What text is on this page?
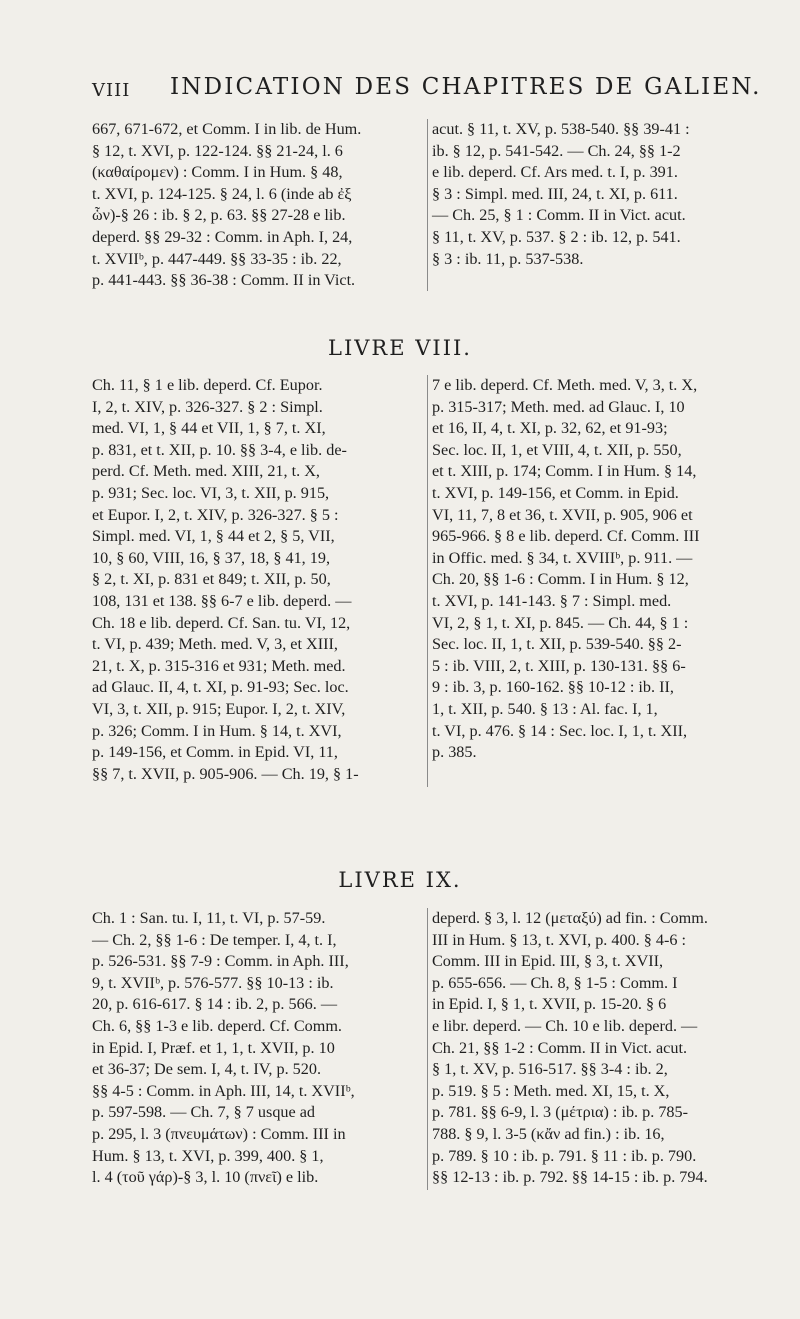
VIII INDICATION DES CHAPITRES DE GALIEN.
667, 671-672, et Comm. I in lib. de Hum.
§ 12, t. XVI, p. 122-124. §§ 21-24, l. 6
(καθαίρομεν) : Comm. I in Hum. § 48,
t. XVI, p. 124-125. § 24, l. 6 (inde ab ἐξ
ὧν)-§ 26 : ib. § 2, p. 63. §§ 27-28 e lib.
deperd. §§ 29-32 : Comm. in Aph. I, 24,
t. XVIIᵇ, p. 447-449. §§ 33-35 : ib. 22,
p. 441-443. §§ 36-38 : Comm. II in Vict.
acut. § 11, t. XV, p. 538-540. §§ 39-41 :
ib. § 12, p. 541-542. — Ch. 24, §§ 1-2
e lib. deperd. Cf. Ars med. t. I, p. 391.
§ 3 : Simpl. med. III, 24, t. XI, p. 611.
— Ch. 25, § 1 : Comm. II in Vict. acut.
§ 11, t. XV, p. 537. § 2 : ib. 12, p. 541.
§ 3 : ib. 11, p. 537-538.
LIVRE VIII.
Ch. 11, § 1 e lib. deperd. Cf. Eupor.
I, 2, t. XIV, p. 326-327. § 2 : Simpl.
med. VI, 1, § 44 et VII, 1, § 7, t. XI,
p. 831, et t. XII, p. 10. §§ 3-4, e lib. de-
perd. Cf. Meth. med. XIII, 21, t. X,
p. 931; Sec. loc. VI, 3, t. XII, p. 915,
et Eupor. I, 2, t. XIV, p. 326-327. § 5 :
Simpl. med. VI, 1, § 44 et 2, § 5, VII,
10, § 60, VIII, 16, § 37, 18, § 41, 19,
§ 2, t. XI, p. 831 et 849; t. XII, p. 50,
108, 131 et 138. §§ 6-7 e lib. deperd. —
Ch. 18 e lib. deperd. Cf. San. tu. VI, 12,
t. VI, p. 439; Meth. med. V, 3, et XIII,
21, t. X, p. 315-316 et 931; Meth. med.
ad Glauc. II, 4, t. XI, p. 91-93; Sec. loc.
VI, 3, t. XII, p. 915; Eupor. I, 2, t. XIV,
p. 326; Comm. I in Hum. § 14, t. XVI,
p. 149-156, et Comm. in Epid. VI, 11,
§§ 7, t. XVII, p. 905-906. — Ch. 19, § 1-
7 e lib. deperd. Cf. Meth. med. V, 3, t. X,
p. 315-317; Meth. med. ad Glauc. I, 10
et 16, II, 4, t. XI, p. 32, 62, et 91-93;
Sec. loc. II, 1, et VIII, 4, t. XII, p. 550,
et t. XIII, p. 174; Comm. I in Hum. § 14,
t. XVI, p. 149-156, et Comm. in Epid.
VI, 11, 7, 8 et 36, t. XVII, p. 905, 906 et
965-966. § 8 e lib. deperd. Cf. Comm. III
in Offic. med. § 34, t. XVIIIᵇ, p. 911. —
Ch. 20, §§ 1-6 : Comm. I in Hum. § 12,
t. XVI, p. 141-143. § 7 : Simpl. med.
VI, 2, § 1, t. XI, p. 845. — Ch. 44, § 1 :
Sec. loc. II, 1, t. XII, p. 539-540. §§ 2-
5 : ib. VIII, 2, t. XIII, p. 130-131. §§ 6-
9 : ib. 3, p. 160-162. §§ 10-12 : ib. II,
1, t. XII, p. 540. § 13 : Al. fac. I, 1,
t. VI, p. 476. § 14 : Sec. loc. I, 1, t. XII,
p. 385.
LIVRE IX.
Ch. 1 : San. tu. I, 11, t. VI, p. 57-59.
— Ch. 2, §§ 1-6 : De temper. I, 4, t. I,
p. 526-531. §§ 7-9 : Comm. in Aph. III,
9, t. XVIIᵇ, p. 576-577. §§ 10-13 : ib.
20, p. 616-617. § 14 : ib. 2, p. 566. —
Ch. 6, §§ 1-3 e lib. deperd. Cf. Comm.
in Epid. I, Præf. et 1, 1, t. XVII, p. 10
et 36-37; De sem. I, 4, t. IV, p. 520.
§§ 4-5 : Comm. in Aph. III, 14, t. XVIIᵇ,
p. 597-598. — Ch. 7, § 7 usque ad
p. 295, l. 3 (πνευμάτων) : Comm. III in
Hum. § 13, t. XVI, p. 399, 400. § 1,
l. 4 (τοῦ γάρ)-§ 3, l. 10 (πνεῖ) e lib.
deperd. § 3, l. 12 (μεταξύ) ad fin. : Comm.
III in Hum. § 13, t. XVI, p. 400. § 4-6 :
Comm. III in Epid. III, § 3, t. XVII,
p. 655-656. — Ch. 8, § 1-5 : Comm. I
in Epid. I, § 1, t. XVII, p. 15-20. § 6
e libr. deperd. — Ch. 10 e lib. deperd. —
Ch. 21, §§ 1-2 : Comm. II in Vict. acut.
§ 1, t. XV, p. 516-517. §§ 3-4 : ib. 2,
p. 519. § 5 : Meth. med. XI, 15, t. X,
p. 781. §§ 6-9, l. 3 (μέτρια) : ib. p. 785-
788. § 9, l. 3-5 (κἄν ad fin.) : ib. 16,
p. 789. § 10 : ib. p. 791. § 11 : ib. p. 790.
§§ 12-13 : ib. p. 792. §§ 14-15 : ib. p. 794.
